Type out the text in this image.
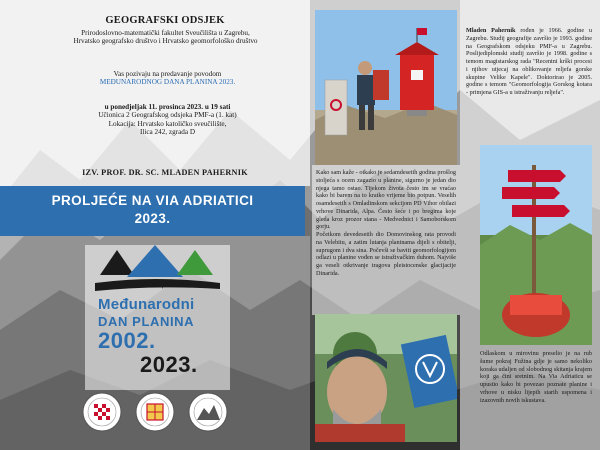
GEOGRAFSKI ODSJEK
Prirodoslovno-matematički fakultet Sveučilišta u Zagrebu,
Hrvatsko geografsko društvo i Hrvatsko geomorfološko društvo
Vas pozivaju na predavanje povodom
MEĐUNARODNOG DANA PLANINA 2023.
u ponedjeljak 11. prosinca 2023. u 19 sati
Učionica 2 Geografskog odsjeka PMF-a (1. kat)
Lokacija: Hrvatsko katoličko sveučilište,
Ilica 242, zgrada D
IZV. PROF. DR. SC. MLADEN PAHERNIK
PROLJEĆE NA VIA ADRIATICI
2023.
11. prosinca
Međunarodni
DAN PLANINA
2002.
2023.

Kako sam kaže - otkako je sedamdesetih godina prošlog stoljeća s ocem zagazio u planine, sigurno je jedan dio njega tamo ostao. Tijekom života često im se vraćao kako bi barem na to kratko vrijeme bio potpun. Veselih osamdesetih s Omladinskom sekcijom PD Vihor obilazi vrhove Dinarida, Alpa. Često šeće i po bregima koje gleda kroz prozor stana - Medvednici i Samoborskom gorju.

Početkom devedesetih dio Domovinskog rata provodi na Velebitu, a zatim lutanja planinama dijeli s obitelji, suprugom i dva sina. Počevši se baviti geomorfologijom odlazi u planine vođen se istraživačkim duhom. Najviše ga veseli otkrivanje tragova pleistocenske glacijacije Dinarida.

Mladen Pahernik rođen je 1966. godine u Zagrebu. Studij geografije završio je 1993. godine na Geografskom odsjeku PMF-a u Zagrebu. Poslijediplomski studij završio je 1998. godine s temom magistarskog rada "Recentni krški procesi i njihov utjecaj na oblikovanje reljefa gorske skupine Velike Kapele". Doktorirao je 2005. godine s temom "Geomorfologija Gorskog kotara - primjena GIS-a u istraživanju reljefa".

Odlaskom u mirovinu preselio je na rub šume pokraj Fužina gdje je samo nekoliko koraka udaljen od slobodnog skitanja krajem koji ga čini sretnim. Na Via Adriaticu se upustio kako bi povezao poznate planine i vrhove u nisku lijepih starih uspomena i izazovnih novih iskustava.
